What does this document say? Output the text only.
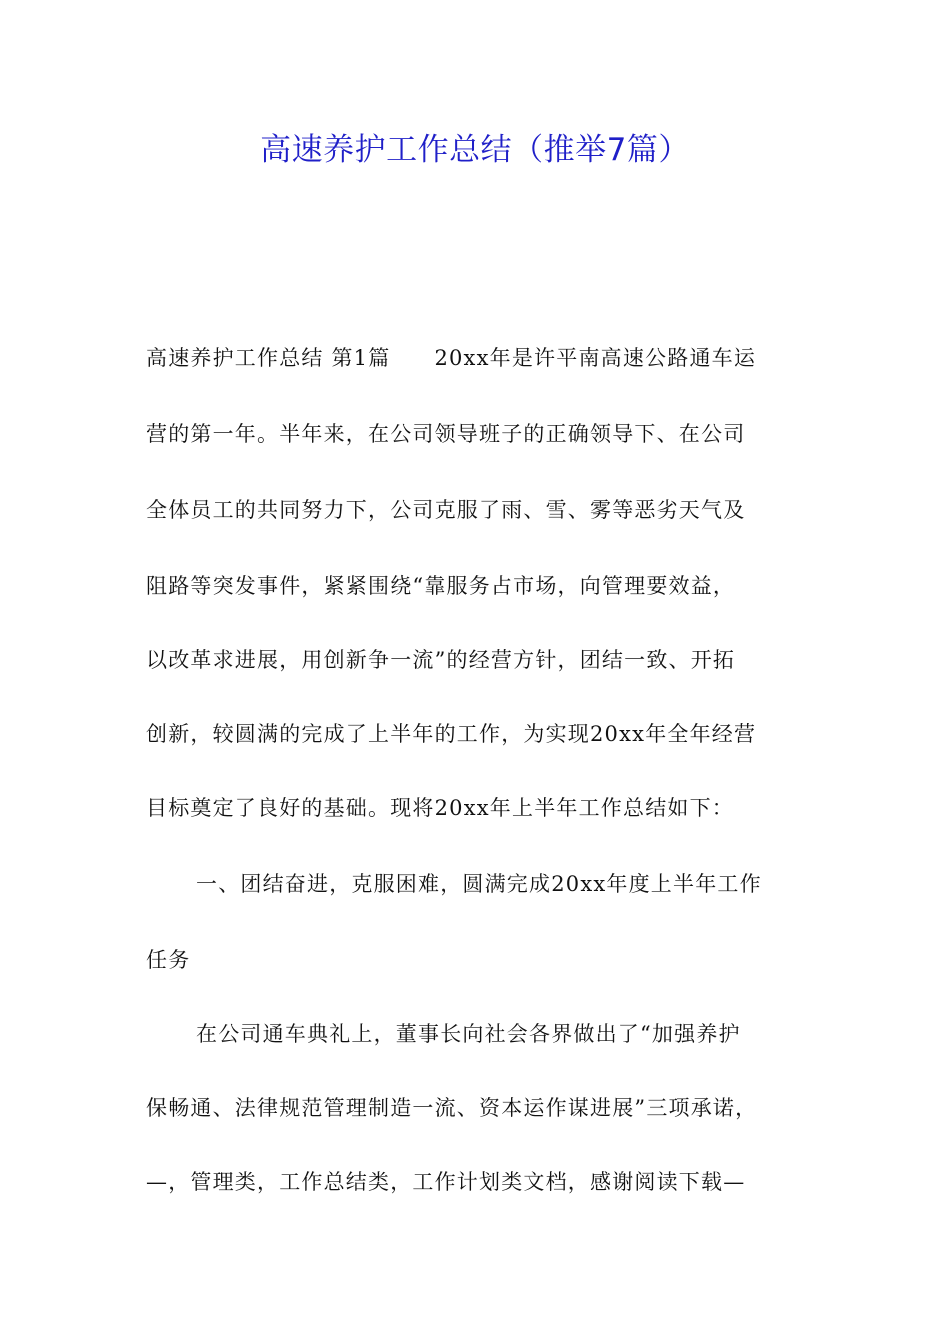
高速养护工作总结（推举7篇）
高速养护工作总结 第1篇 20xx年是许平南高速公路通车运
营的第一年。半年来，在公司领导班子的正确领导下、在公司
全体员工的共同努力下，公司克服了雨、雪、雾等恶劣天气及
阻路等突发事件，紧紧围绕“靠服务占市场，向管理要效益，
以改革求进展，用创新争一流”的经营方针，团结一致、开拓
创新，较圆满的完成了上半年的工作，为实现20xx年全年经营
目标奠定了良好的基础。现将20xx年上半年工作总结如下：
一、团结奋进，克服困难，圆满完成20xx年度上半年工作
任务
在公司通车典礼上，董事长向社会各界做出了“加强养护
保畅通、法律规范管理制造一流、资本运作谋进展”三项承诺，
—，管理类，工作总结类，工作计划类文档，感谢阅读下载—
